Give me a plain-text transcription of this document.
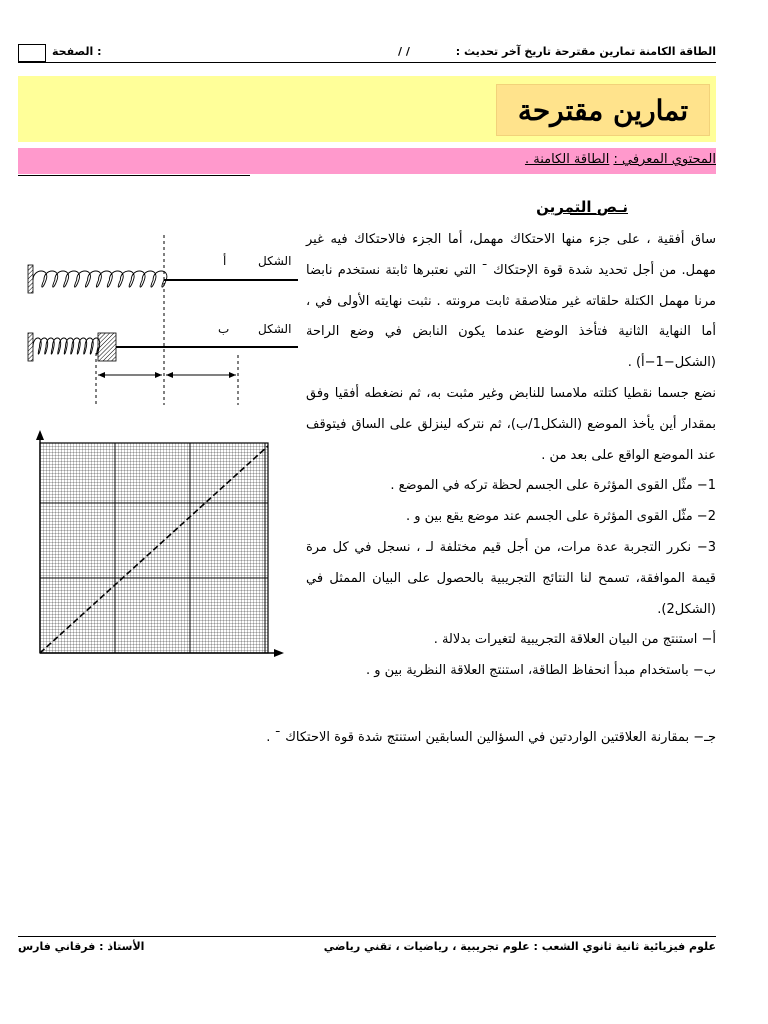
الصفحة :	/ /	الطاقة الكامنة تمارين مقترحة تاريخ آخر تحديث :
تمارين مقترحة
المحتوي المعرفي : الطاقة الكامنة .
نـص التمرين
الشكل
أ
الشكل
ب

ساق أفقية ، على جزء منها الاحتكاك مهمل، أما الجزء فالاحتكاك فيه غير مهمل. من أجل تحديد شدة قوة الإحتكاك ¯ التي نعتبرها ثابتة نستخدم نابضا مرنا مهمل الكتلة حلقاته غير متلاصقة ثابت مرونته . نثبت نهايته الأولى في ، أما النهاية الثانية فتأخذ الوضع عندما يكون النابض في وضع الراحة (الشكل−1−أ) .

نضع جسما نقطيا كتلته ملامسا للنابض وغير مثبت به، ثم نضغطه أفقيا وفق بمقدار أين يأخذ الموضع (الشكل1/ب)، ثم نتركه لينزلق على الساق فيتوقف عند الموضع الواقع على بعد من .

1− مثّل القوى المؤثرة على الجسم لحظة تركه في الموضع .

2− مثّل القوى المؤثرة على الجسم عند موضع يقع بين و .

3− نكرر التجربة عدة مرات، من أجل قيم مختلفة لـ ، نسجل في كل مرة قيمة الموافقة، تسمح لنا النتائج التجريبية بالحصول على البيان الممثل في (الشكل2).

أ− استنتج من البيان العلاقة التجريبية لتغيرات بدلالة .

ب− باستخدام مبدأ انحفاظ الطاقة، استنتج العلاقة النظرية بين و .

جـ− بمقارنة العلاقتين الواردتين في السؤالين السابقين استنتج شدة قوة الاحتكاك ¯ .
الأستاذ : فرقاني فارس	علوم فيزيائية ثانية ثانوي الشعب : علوم تجريبية ، رياضيات ، تقني رياضي
